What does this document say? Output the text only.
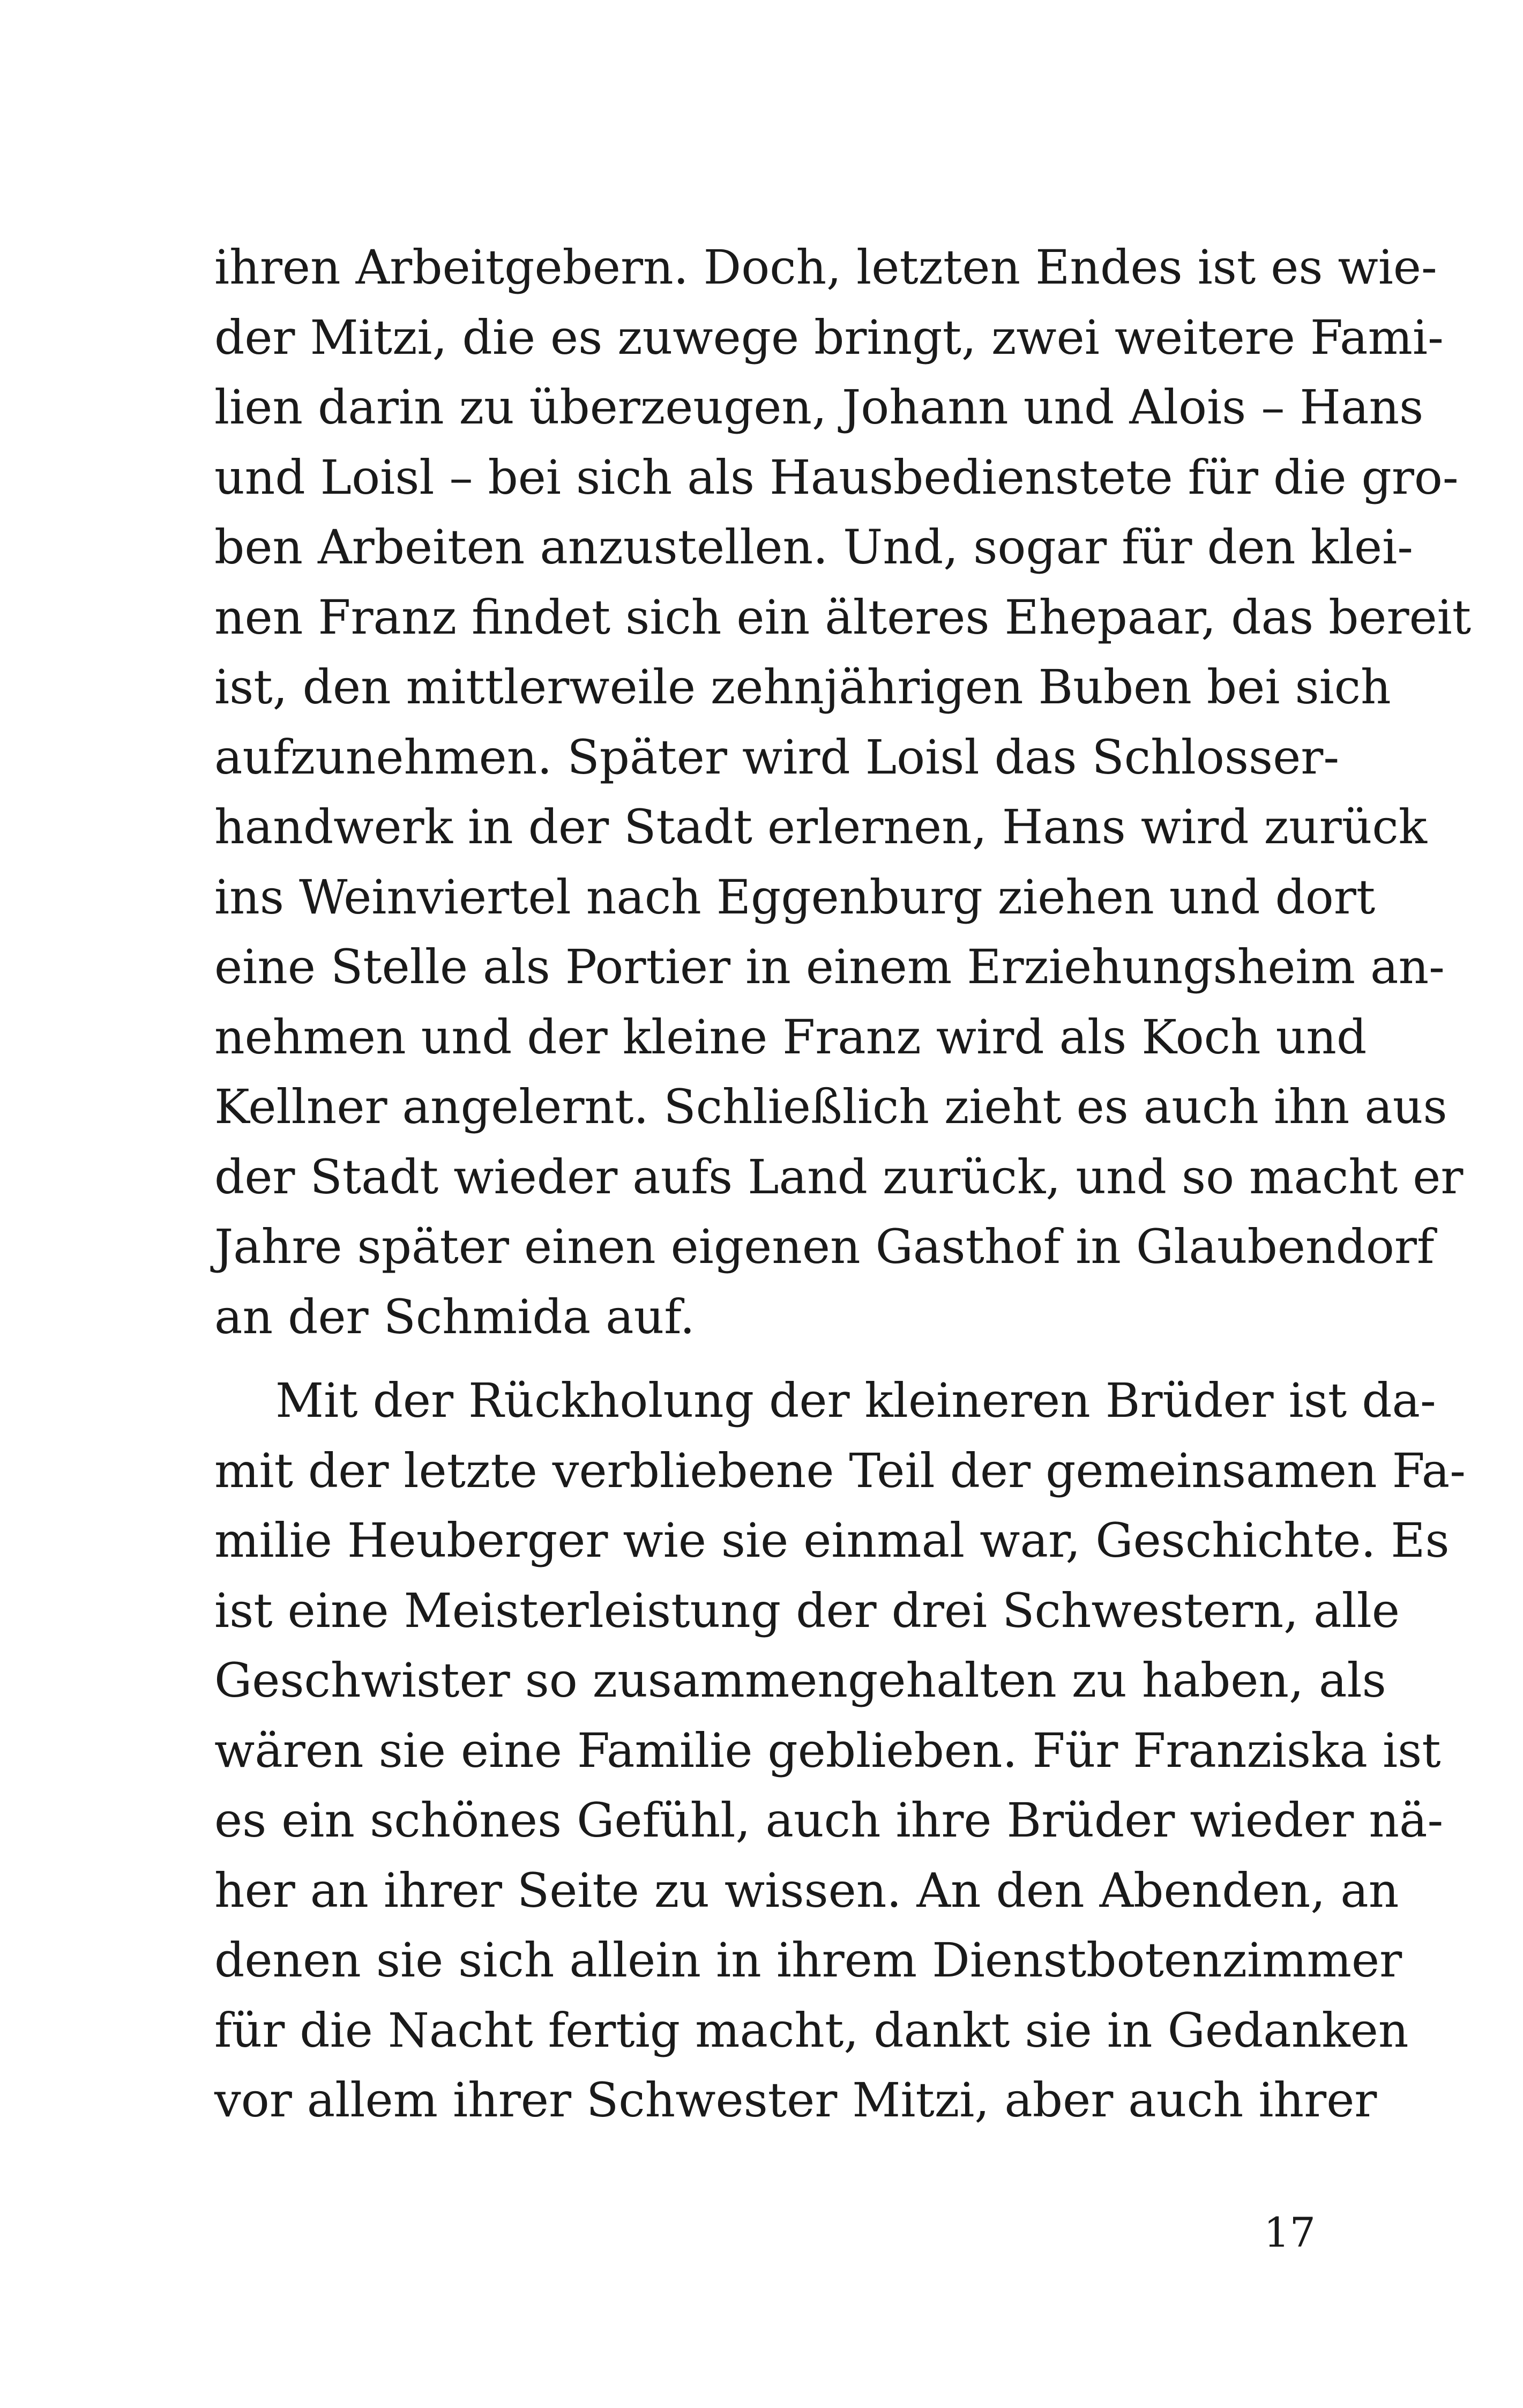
ihren Arbeitgebern. Doch, letzten Endes ist es wie-
der Mitzi, die es zuwege bringt, zwei weitere Fami-
lien darin zu überzeugen, Johann und Alois – Hans
und Loisl – bei sich als Hausbedienstete für die gro-
ben Arbeiten anzustellen. Und, sogar für den klei-
nen Franz findet sich ein älteres Ehepaar, das bereit
ist, den mittlerweile zehnjährigen Buben bei sich
aufzunehmen. Später wird Loisl das Schlosser-
handwerk in der Stadt erlernen, Hans wird zurück
ins Weinviertel nach Eggenburg ziehen und dort
eine Stelle als Portier in einem Erziehungsheim an-
nehmen und der kleine Franz wird als Koch und
Kellner angelernt. Schließlich zieht es auch ihn aus
der Stadt wieder aufs Land zurück, und so macht er
Jahre später einen eigenen Gasthof in Glaubendorf
an der Schmida auf.
Mit der Rückholung der kleineren Brüder ist da-
mit der letzte verbliebene Teil der gemeinsamen Fa-
milie Heuberger wie sie einmal war, Geschichte. Es
ist eine Meisterleistung der drei Schwestern, alle
Geschwister so zusammengehalten zu haben, als
wären sie eine Familie geblieben. Für Franziska ist
es ein schönes Gefühl, auch ihre Brüder wieder nä-
her an ihrer Seite zu wissen. An den Abenden, an
denen sie sich allein in ihrem Dienstbotenzimmer
für die Nacht fertig macht, dankt sie in Gedanken
vor allem ihrer Schwester Mitzi, aber auch ihrer
17
